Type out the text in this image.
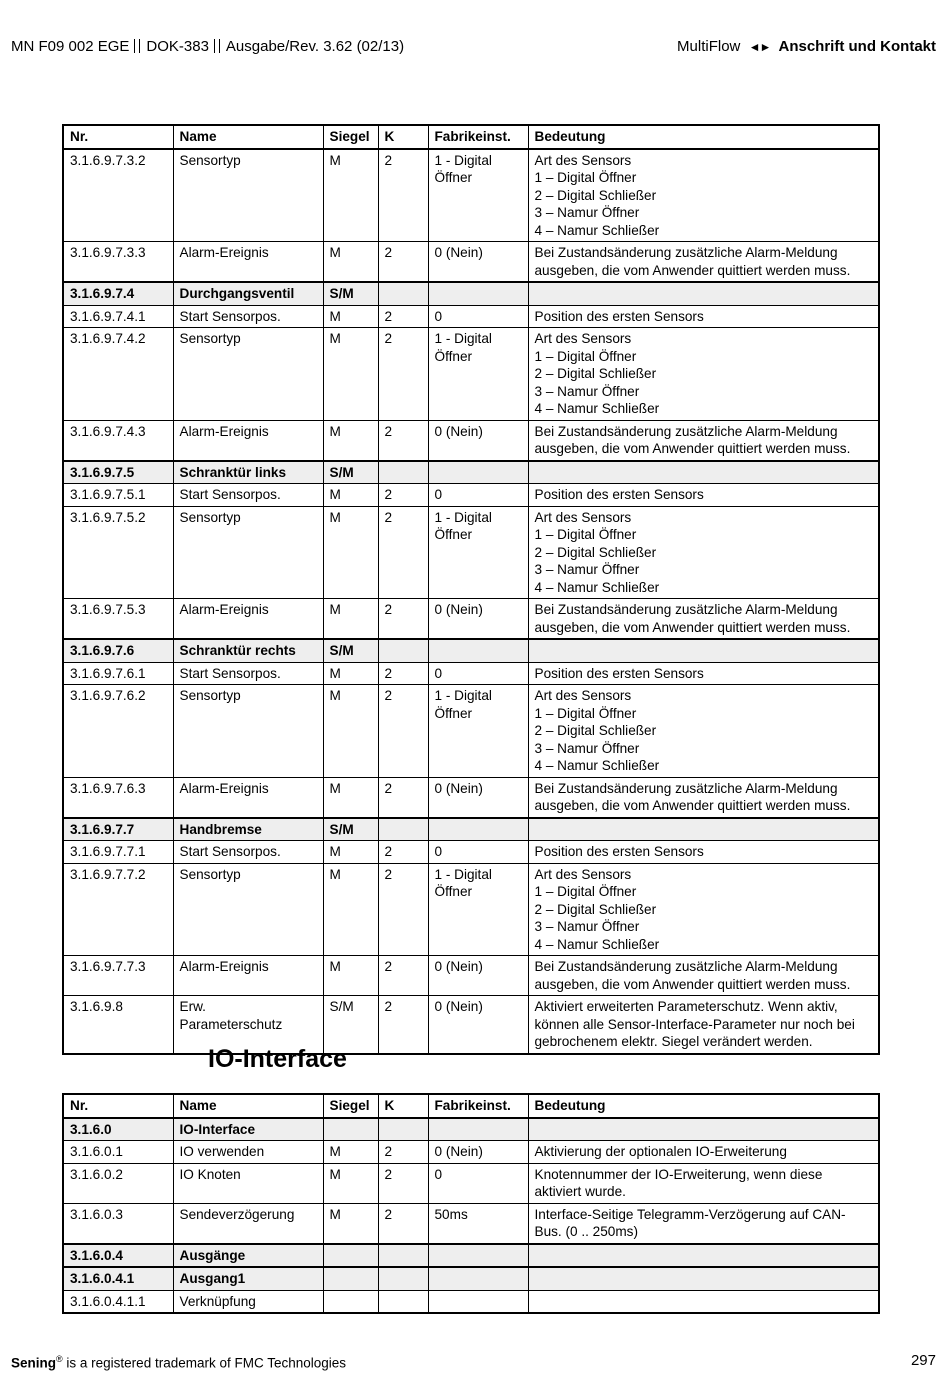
MN F09 002 EGE DOK-383 Ausgabe/Rev. 3.62 (02/13)	MultiFlow ◄► Anschrift und Kontakt
Nr.	Name	Siegel	K	Fabrikeinst.	Bedeutung
3.1.6.9.7.3.2	Sensortyp	M	2	1 - Digital
Öffner	Art des Sensors
1 – Digital Öffner
2 – Digital Schließer
3 – Namur Öffner
4 – Namur Schließer
3.1.6.9.7.3.3	Alarm-Ereignis	M	2	0 (Nein)	Bei Zustandsänderung zusätzliche Alarm-Meldung ausgeben, die vom Anwender quittiert werden muss.
3.1.6.9.7.4	Durchgangsventil	S/M			
3.1.6.9.7.4.1	Start Sensorpos.	M	2	0	Position des ersten Sensors
3.1.6.9.7.4.2	Sensortyp	M	2	1 - Digital
Öffner	Art des Sensors
1 – Digital Öffner
2 – Digital Schließer
3 – Namur Öffner
4 – Namur Schließer
3.1.6.9.7.4.3	Alarm-Ereignis	M	2	0 (Nein)	Bei Zustandsänderung zusätzliche Alarm-Meldung ausgeben, die vom Anwender quittiert werden muss.
3.1.6.9.7.5	Schranktür links	S/M			
3.1.6.9.7.5.1	Start Sensorpos.	M	2	0	Position des ersten Sensors
3.1.6.9.7.5.2	Sensortyp	M	2	1 - Digital
Öffner	Art des Sensors
1 – Digital Öffner
2 – Digital Schließer
3 – Namur Öffner
4 – Namur Schließer
3.1.6.9.7.5.3	Alarm-Ereignis	M	2	0 (Nein)	Bei Zustandsänderung zusätzliche Alarm-Meldung ausgeben, die vom Anwender quittiert werden muss.
3.1.6.9.7.6	Schranktür rechts	S/M			
3.1.6.9.7.6.1	Start Sensorpos.	M	2	0	Position des ersten Sensors
3.1.6.9.7.6.2	Sensortyp	M	2	1 - Digital
Öffner	Art des Sensors
1 – Digital Öffner
2 – Digital Schließer
3 – Namur Öffner
4 – Namur Schließer
3.1.6.9.7.6.3	Alarm-Ereignis	M	2	0 (Nein)	Bei Zustandsänderung zusätzliche Alarm-Meldung ausgeben, die vom Anwender quittiert werden muss.
3.1.6.9.7.7	Handbremse	S/M			
3.1.6.9.7.7.1	Start Sensorpos.	M	2	0	Position des ersten Sensors
3.1.6.9.7.7.2	Sensortyp	M	2	1 - Digital
Öffner	Art des Sensors
1 – Digital Öffner
2 – Digital Schließer
3 – Namur Öffner
4 – Namur Schließer
3.1.6.9.7.7.3	Alarm-Ereignis	M	2	0 (Nein)	Bei Zustandsänderung zusätzliche Alarm-Meldung ausgeben, die vom Anwender quittiert werden muss.
3.1.6.9.8	Erw.
Parameterschutz	S/M	2	0 (Nein)	Aktiviert erweiterten Parameterschutz. Wenn aktiv, können alle Sensor-Interface-Parameter nur noch bei gebrochenem elektr. Siegel verändert werden.
IO-Interface
Nr.	Name	Siegel	K	Fabrikeinst.	Bedeutung
3.1.6.0	IO-Interface				
3.1.6.0.1	IO verwenden	M	2	0 (Nein)	Aktivierung der optionalen IO-Erweiterung
3.1.6.0.2	IO Knoten	M	2	0	Knotennummer der IO-Erweiterung, wenn diese aktiviert wurde.
3.1.6.0.3	Sendeverzögerung	M	2	50ms	Interface-Seitige Telegramm-Verzögerung auf CAN-Bus. (0 .. 250ms)
3.1.6.0.4	Ausgänge				
3.1.6.0.4.1	Ausgang1				
3.1.6.0.4.1.1	Verknüpfung				
Sening® is a registered trademark of FMC Technologies	297
